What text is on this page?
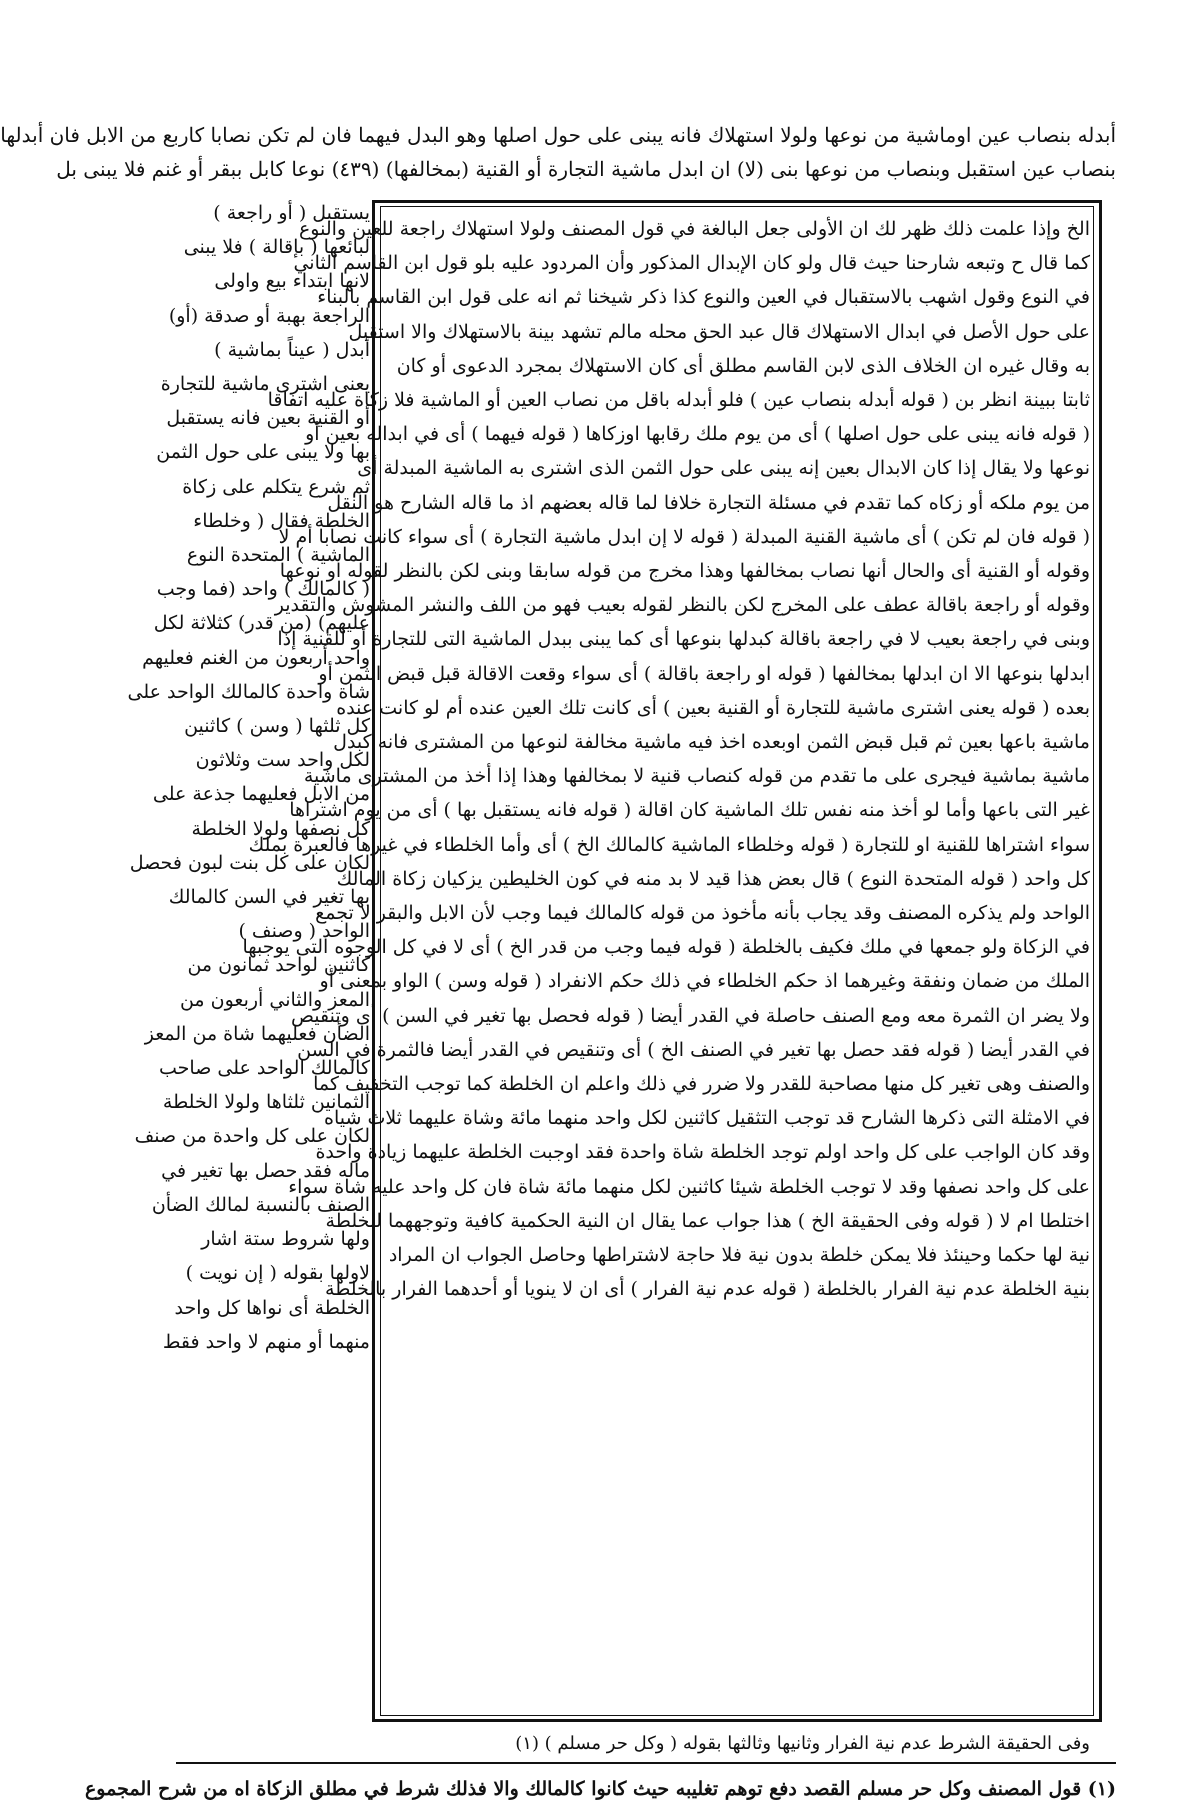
أبدله بنصاب عين اوماشية من نوعها ولولا استهلاك فانه يبنى على حول اصلها وهو البدل فيهما فان لم تكن نصابا كاربع من الابل فان أبدلها
بنصاب عين استقبل وبنصاب من نوعها بنى (لا) ان ابدل ماشية التجارة أو القنية (بمخالفها) (٤٣٩) نوعا كابل ببقر أو غنم فلا يبنى بل
يستقبل ( أو راجعة )
لبائعها ( بإقالة ) فلا يبنى
لانها ابتداء بيع واولى
الراجعة بهبة أو صدقة (أو)
أبدل ( عيناً بماشية )
يعنى اشترى ماشية للتجارة
أو القنية بعين فانه يستقبل
بها ولا يبنى على حول الثمن
ثم شرع يتكلم على زكاة
الخلطة فقال ( وخلطاء
الماشية ) المتحدة النوع
( كالمالك ) واحد (فما وجب
عليهم) (من قدر) كثلاثة لكل
واحد أربعون من الغنم فعليهم
شاة واحدة كالمالك الواحد على
كل ثلثها ( وسن ) كاثنين
لكل واحد ست وثلاثون
من الابل فعليهما جذعة على
كل نصفها ولولا الخلطة
لكان على كل بنت لبون فحصل
بها تغير في السن كالمالك
الواحد ( وصنف )
كاثنين لواحد ثمانون من
المعز والثاني أربعون من
الضأن فعليهما شاة من المعز
كالمالك الواحد على صاحب
الثمانين ثلثاها ولولا الخلطة
لكان على كل واحدة من صنف
ماله فقد حصل بها تغير في
الصنف بالنسبة لمالك الضأن
ولها شروط ستة اشار
لاولها بقوله ( إن نويت )
الخلطة أى نواها كل واحد
منهما أو منهم لا واحد فقط
الخ وإذا علمت ذلك ظهر لك ان الأولى جعل البالغة في قول المصنف ولولا استهلاك راجعة للعين والنوع
كما قال ح وتبعه شارحنا حيث قال ولو كان الإبدال المذكور وأن المردود عليه بلو قول ابن القاسم الثاني
في النوع وقول اشهب بالاستقبال في العين والنوع كذا ذكر شيخنا ثم انه على قول ابن القاسم بالبناء
على حول الأصل في ابدال الاستهلاك قال عبد الحق محله مالم تشهد بينة بالاستهلاك والا استقبل
به وقال غيره ان الخلاف الذى لابن القاسم مطلق أى كان الاستهلاك بمجرد الدعوى أو كان
ثابتا ببينة انظر بن ( قوله أبدله بنصاب عين ) فلو أبدله باقل من نصاب العين أو الماشية فلا زكاة عليه اتفاقا
( قوله فانه يبنى على حول اصلها ) أى من يوم ملك رقابها اوزكاها ( قوله فيهما ) أى في ابداله بعين أو
نوعها ولا يقال إذا كان الابدال بعين إنه يبنى على حول الثمن الذى اشترى به الماشية المبدلة أى
من يوم ملكه أو زكاه كما تقدم في مسئلة التجارة خلافا لما قاله بعضهم اذ ما قاله الشارح هو النقل
( قوله فان لم تكن ) أى ماشية القنية المبدلة ( قوله لا إن ابدل ماشية التجارة ) أى سواء كانت نصابا أم لا
وقوله أو القنية أى والحال أنها نصاب بمخالفها وهذا مخرج من قوله سابقا وبنى لكن بالنظر لقوله او نوعها
وقوله أو راجعة باقالة عطف على المخرج لكن بالنظر لقوله بعيب فهو من اللف والنشر المشوش والتقدير
وبنى في راجعة بعيب لا في راجعة باقالة كبدلها بنوعها أى كما يبنى ببدل الماشية التى للتجارة أو للقنية إذا
ابدلها بنوعها الا ان ابدلها بمخالفها ( قوله او راجعة باقالة ) أى سواء وقعت الاقالة قبل قبض الثمن أو
بعده ( قوله يعنى اشترى ماشية للتجارة أو القنية بعين ) أى كانت تلك العين عنده أم لو كانت عنده
ماشية باعها بعين ثم قبل قبض الثمن اوبعده اخذ فيه ماشية مخالفة لنوعها من المشترى فانه كبدل
ماشية بماشية فيجرى على ما تقدم من قوله كنصاب قنية لا بمخالفها وهذا إذا أخذ من المشترى ماشية
غير التى باعها وأما لو أخذ منه نفس تلك الماشية كان اقالة ( قوله فانه يستقبل بها ) أى من يوم اشتراها
سواء اشتراها للقنية او للتجارة ( قوله وخلطاء الماشية كالمالك الخ ) أى وأما الخلطاء في غيرها فالعبرة بملك
كل واحد ( قوله المتحدة النوع ) قال بعض هذا قيد لا بد منه في كون الخليطين يزكيان زكاة المالك
الواحد ولم يذكره المصنف وقد يجاب بأنه مأخوذ من قوله كالمالك فيما وجب لأن الابل والبقر لا تجمع
في الزكاة ولو جمعها في ملك فكيف بالخلطة ( قوله فيما وجب من قدر الخ ) أى لا في كل الوجوه التى يوجبها
الملك من ضمان ونفقة وغيرهما اذ حكم الخلطاء في ذلك حكم الانفراد ( قوله وسن ) الواو بمعنى أو
ولا يضر ان الثمرة معه ومع الصنف حاصلة في القدر أيضا ( قوله فحصل بها تغير في السن ) أى وتنقيص
في القدر أيضا ( قوله فقد حصل بها تغير في الصنف الخ ) أى وتنقيص في القدر أيضا فالثمرة في السن
والصنف وهى تغير كل منها مصاحبة للقدر ولا ضرر في ذلك واعلم ان الخلطة كما توجب التخفيف كما
في الامثلة التى ذكرها الشارح قد توجب التثقيل كاثنين لكل واحد منهما مائة وشاة عليهما ثلاث شياه
وقد كان الواجب على كل واحد اولم توجد الخلطة شاة واحدة فقد اوجبت الخلطة عليهما زيادة واحدة
على كل واحد نصفها وقد لا توجب الخلطة شيئا كاثنين لكل منهما مائة شاة فان كل واحد عليه شاة سواء
اختلطا ام لا ( قوله وفى الحقيقة الخ ) هذا جواب عما يقال ان النية الحكمية كافية وتوجههما للخلطة
نية لها حكما وحينئذ فلا يمكن خلطة بدون نية فلا حاجة لاشتراطها وحاصل الجواب ان المراد
بنية الخلطة عدم نية الفرار بالخلطة ( قوله عدم نية الفرار ) أى ان لا ينويا أو أحدهما الفرار بالخلطة
وفى الحقيقة الشرط عدم نية الفرار وثانيها وثالثها بقوله ( وكل حر مسلم ) (١)
(١) قول المصنف وكل حر مسلم القصد دفع توهم تغليبه حيث كانوا كالمالك والا فذلك شرط في مطلق الزكاة اه من شرح المجموع
